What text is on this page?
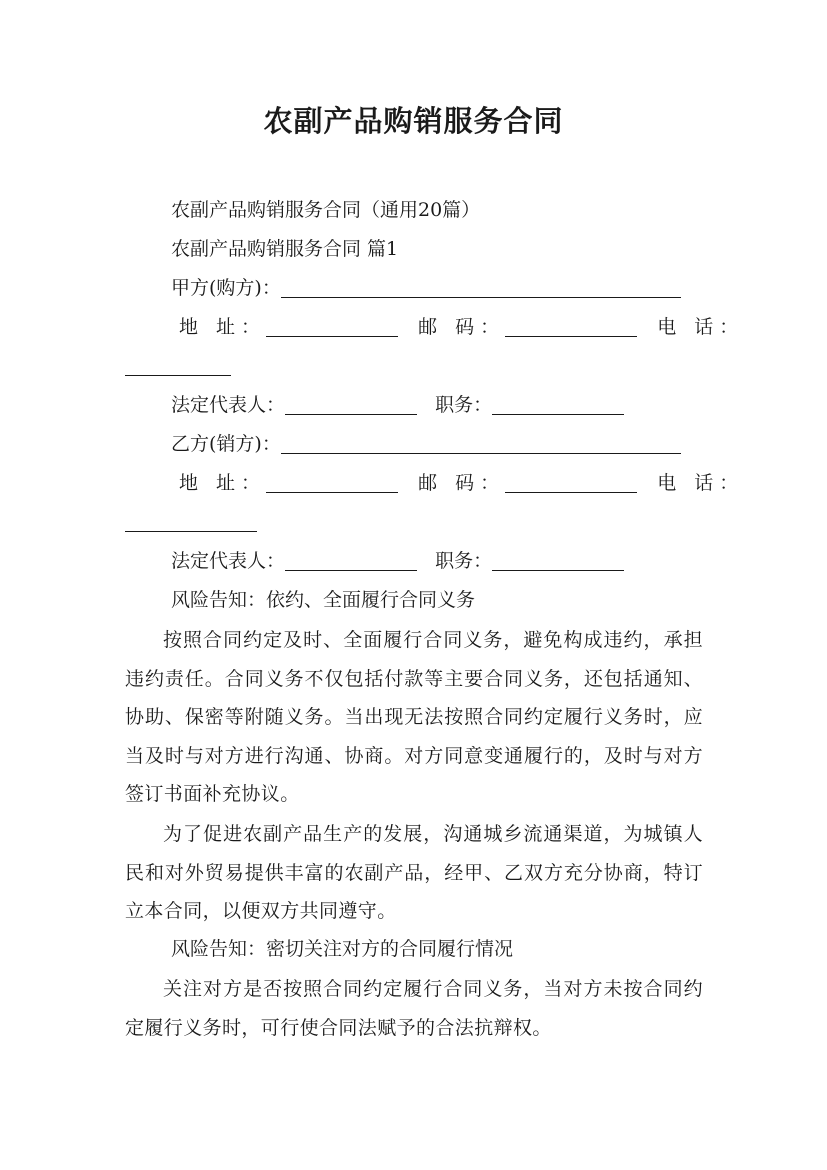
农副产品购销服务合同
农副产品购销服务合同（通用20篇）
农副产品购销服务合同 篇1
甲方(购方)：
地 址：	邮 码：	电 话：
法定代表人：	职务：
乙方(销方)：
地 址：	邮 码：	电 话：
法定代表人：	职务：
风险告知：依约、全面履行合同义务
按照合同约定及时、全面履行合同义务，避免构成违约，承担违约责任。合同义务不仅包括付款等主要合同义务，还包括通知、协助、保密等附随义务。当出现无法按照合同约定履行义务时，应当及时与对方进行沟通、协商。对方同意变通履行的，及时与对方签订书面补充协议。
为了促进农副产品生产的发展，沟通城乡流通渠道，为城镇人民和对外贸易提供丰富的农副产品，经甲、乙双方充分协商，特订立本合同，以便双方共同遵守。
风险告知：密切关注对方的合同履行情况
关注对方是否按照合同约定履行合同义务，当对方未按合同约定履行义务时，可行使合同法赋予的合法抗辩权。
